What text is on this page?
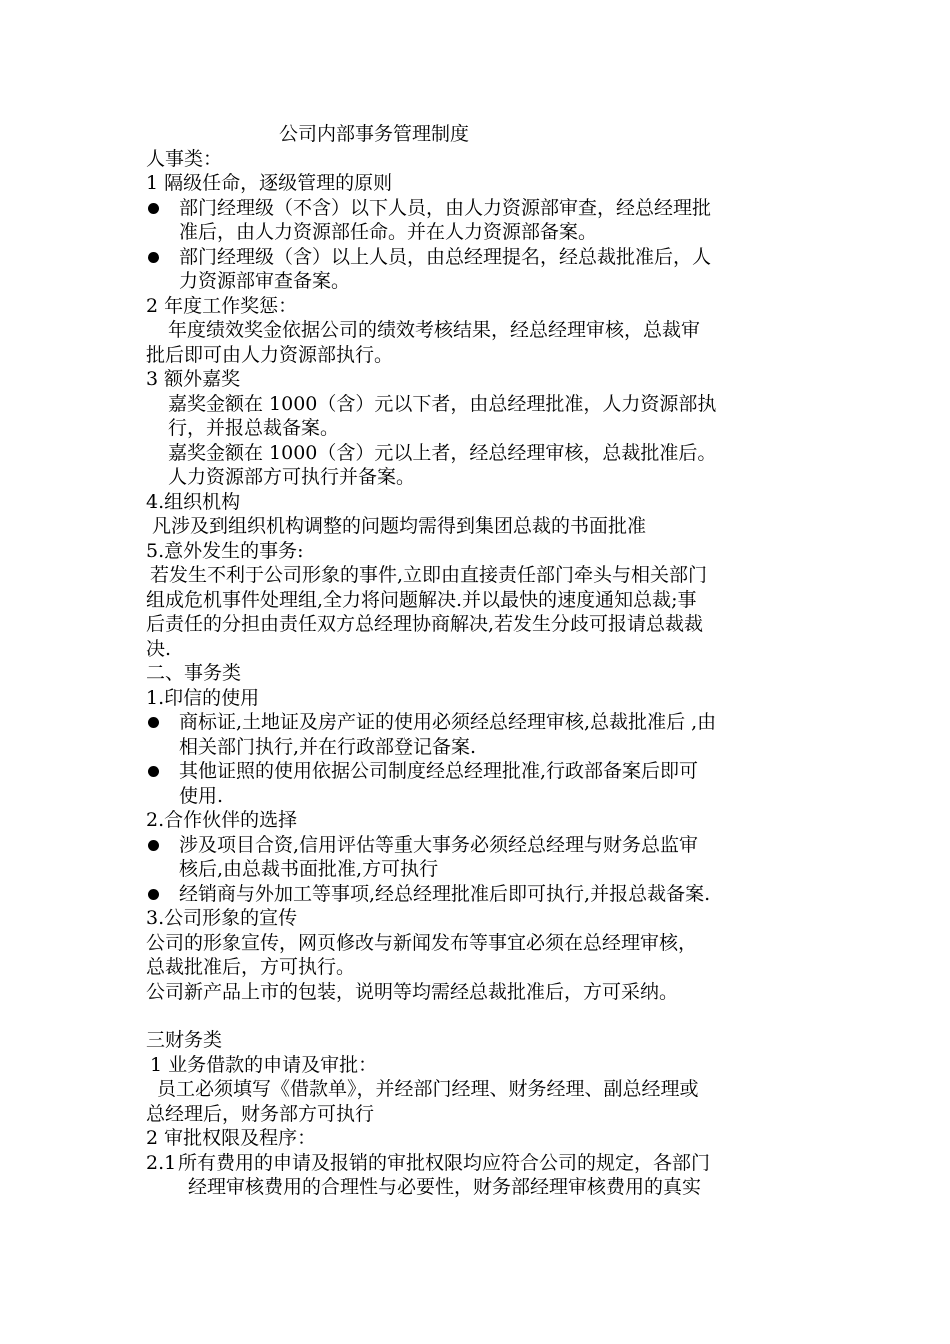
公司内部事务管理制度

人事类：

1 隔级任命，逐级管理的原则

部门经理级（不含）以下人员，由人力资源部审查，经总经理批

准后，由人力资源部任命。并在人力资源部备案。

部门经理级（含）以上人员，由总经理提名，经总裁批准后，人

力资源部审查备案。

2 年度工作奖惩：

年度绩效奖金依据公司的绩效考核结果，经总经理审核，总裁审

批后即可由人力资源部执行。

3 额外嘉奖

嘉奖金额在 1000（含）元以下者，由总经理批准，人力资源部执

行，并报总裁备案。

嘉奖金额在 1000（含）元以上者，经总经理审核，总裁批准后。

人力资源部方可执行并备案。

4.组织机构

凡涉及到组织机构调整的问题均需得到集团总裁的书面批准

5.意外发生的事务:

若发生不利于公司形象的事件,立即由直接责任部门牵头与相关部门

组成危机事件处理组,全力将问题解决.并以最快的速度通知总裁;事

后责任的分担由责任双方总经理协商解决,若发生分歧可报请总裁裁

决.

二、事务类

1.印信的使用

商标证,土地证及房产证的使用必须经总经理审核,总裁批准后 ,由

相关部门执行,并在行政部登记备案.

其他证照的使用依据公司制度经总经理批准,行政部备案后即可

使用.

2.合作伙伴的选择

涉及项目合资,信用评估等重大事务必须经总经理与财务总监审

核后,由总裁书面批准,方可执行

经销商与外加工等事项,经总经理批准后即可执行,并报总裁备案.

3.公司形象的宣传

公司的形象宣传，网页修改与新闻发布等事宜必须在总经理审核，

总裁批准后，方可执行。

公司新产品上市的包装，说明等均需经总裁批准后，方可采纳。

三财务类

1 业务借款的申请及审批：

员工必须填写《借款单》，并经部门经理、财务经理、副总经理或

总经理后，财务部方可执行

2 审批权限及程序：

2.1 所有费用的申请及报销的审批权限均应符合公司的规定，各部门

经理审核费用的合理性与必要性，财务部经理审核费用的真实
